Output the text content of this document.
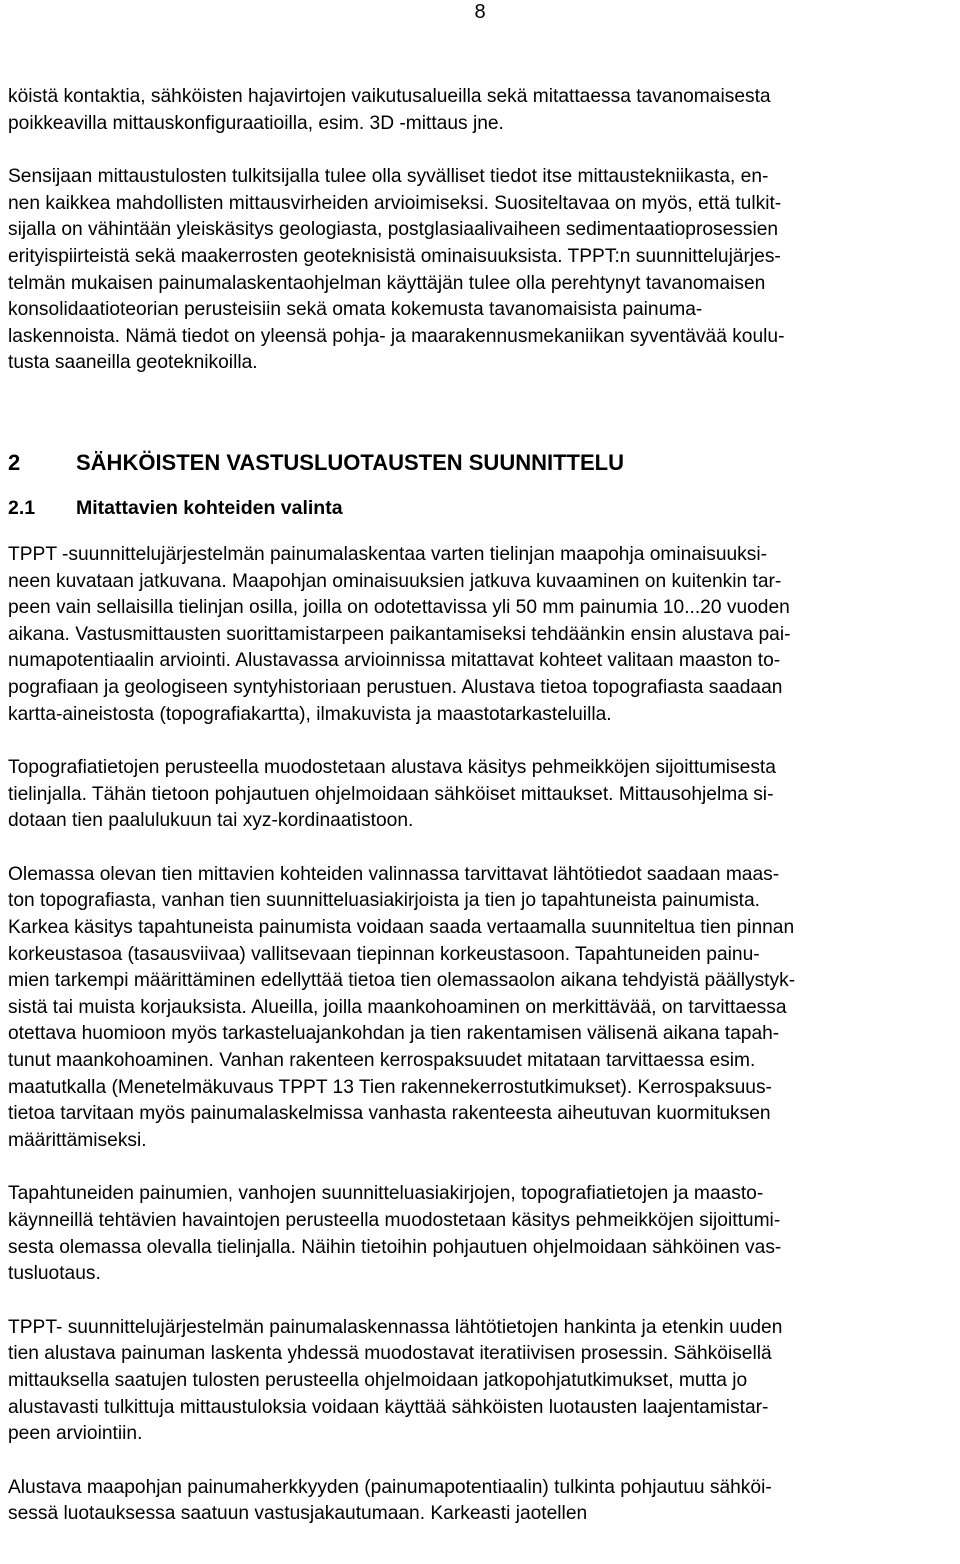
8

köistä kontaktia, sähköisten hajavirtojen vaikutusalueilla sekä mitattaessa tavanomaisesta
poikkeavilla mittauskonfiguraatioilla, esim. 3D -mittaus jne.

Sensijaan mittaustulosten tulkitsijalla tulee olla syvälliset tiedot itse mittaustekniikasta, en-
nen kaikkea mahdollisten mittausvirheiden arvioimiseksi. Suositeltavaa on myös, että tulkit-
sijalla on vähintään yleiskäsitys geologiasta, postglasiaalivaiheen sedimentaatioprosessien
erityispiirteistä sekä maakerrosten geoteknisistä ominaisuuksista. TPPT:n suunnittelujärjes-
telmän mukaisen painumalaskentaohjelman käyttäjän tulee olla perehtynyt tavanomaisen
konsolidaatioteorian perusteisiin sekä omata kokemusta tavanomaisista painuma-
laskennoista. Nämä tiedot on yleensä pohja- ja maarakennusmekaniikan syventävää koulu-
tusta saaneilla geoteknikoilla.

2	SÄHKÖISTEN VASTUSLUOTAUSTEN SUUNNITTELU
2.1 Mitattavien kohteiden valinta

TPPT -suunnittelujärjestelmän painumalaskentaa varten tielinjan maapohja ominaisuuksi-
neen kuvataan jatkuvana. Maapohjan ominaisuuksien jatkuva kuvaaminen on kuitenkin tar-
peen vain sellaisilla tielinjan osilla, joilla on odotettavissa yli 50 mm painumia 10...20 vuoden
aikana. Vastusmittausten suorittamistarpeen paikantamiseksi tehdäänkin ensin alustava pai-
numapotentiaalin arviointi. Alustavassa arvioinnissa mitattavat kohteet valitaan maaston to-
pografiaan ja geologiseen syntyhistoriaan perustuen. Alustava tietoa topografiasta saadaan
kartta-aineistosta (topografiakartta), ilmakuvista ja maastotarkasteluilla.

Topografiatietojen perusteella muodostetaan alustava käsitys pehmeikköjen sijoittumisesta
tielinjalla. Tähän tietoon pohjautuen ohjelmoidaan sähköiset mittaukset. Mittausohjelma si-
dotaan tien paalulukuun tai xyz-kordinaatistoon.

Olemassa olevan tien mittavien kohteiden valinnassa tarvittavat lähtötiedot saadaan maas-
ton topografiasta, vanhan tien suunnitteluasiakirjoista ja tien jo tapahtuneista painumista.
Karkea käsitys tapahtuneista painumista voidaan saada vertaamalla suunniteltua tien pinnan
korkeustasoa (tasausviivaa) vallitsevaan tiepinnan korkeustasoon. Tapahtuneiden painu-
mien tarkempi määrittäminen edellyttää tietoa tien olemassaolon aikana tehdyistä päällystyk-
sistä tai muista korjauksista. Alueilla, joilla maankohoaminen on merkittävää, on tarvittaessa
otettava huomioon myös tarkasteluajankohdan ja tien rakentamisen välisenä aikana tapah-
tunut maankohoaminen. Vanhan rakenteen kerrospaksuudet mitataan tarvittaessa esim.
maatutkalla (Menetelmäkuvaus TPPT 13 Tien rakennekerrostutkimukset). Kerrospaksuus-
tietoa tarvitaan myös painumalaskelmissa vanhasta rakenteesta aiheutuvan kuormituksen
määrittämiseksi.

Tapahtuneiden painumien, vanhojen suunnitteluasiakirjojen, topografiatietojen ja maasto-
käynneillä tehtävien havaintojen perusteella muodostetaan käsitys pehmeikköjen sijoittumi-
sesta olemassa olevalla tielinjalla. Näihin tietoihin pohjautuen ohjelmoidaan sähköinen vas-
tusluotaus.

TPPT- suunnittelujärjestelmän painumalaskennassa lähtötietojen hankinta ja etenkin uuden
tien alustava painuman laskenta yhdessä muodostavat iteratiivisen prosessin. Sähköisellä
mittauksella saatujen tulosten perusteella ohjelmoidaan jatkopohjatutkimukset, mutta jo
alustavasti tulkittuja mittaustuloksia voidaan käyttää sähköisten luotausten laajentamistar-
peen arviointiin.

Alustava maapohjan painumaherkkyyden (painumapotentiaalin) tulkinta pohjautuu sähköi-
sessä luotauksessa saatuun vastusjakautumaan. Karkeasti jaotellen
